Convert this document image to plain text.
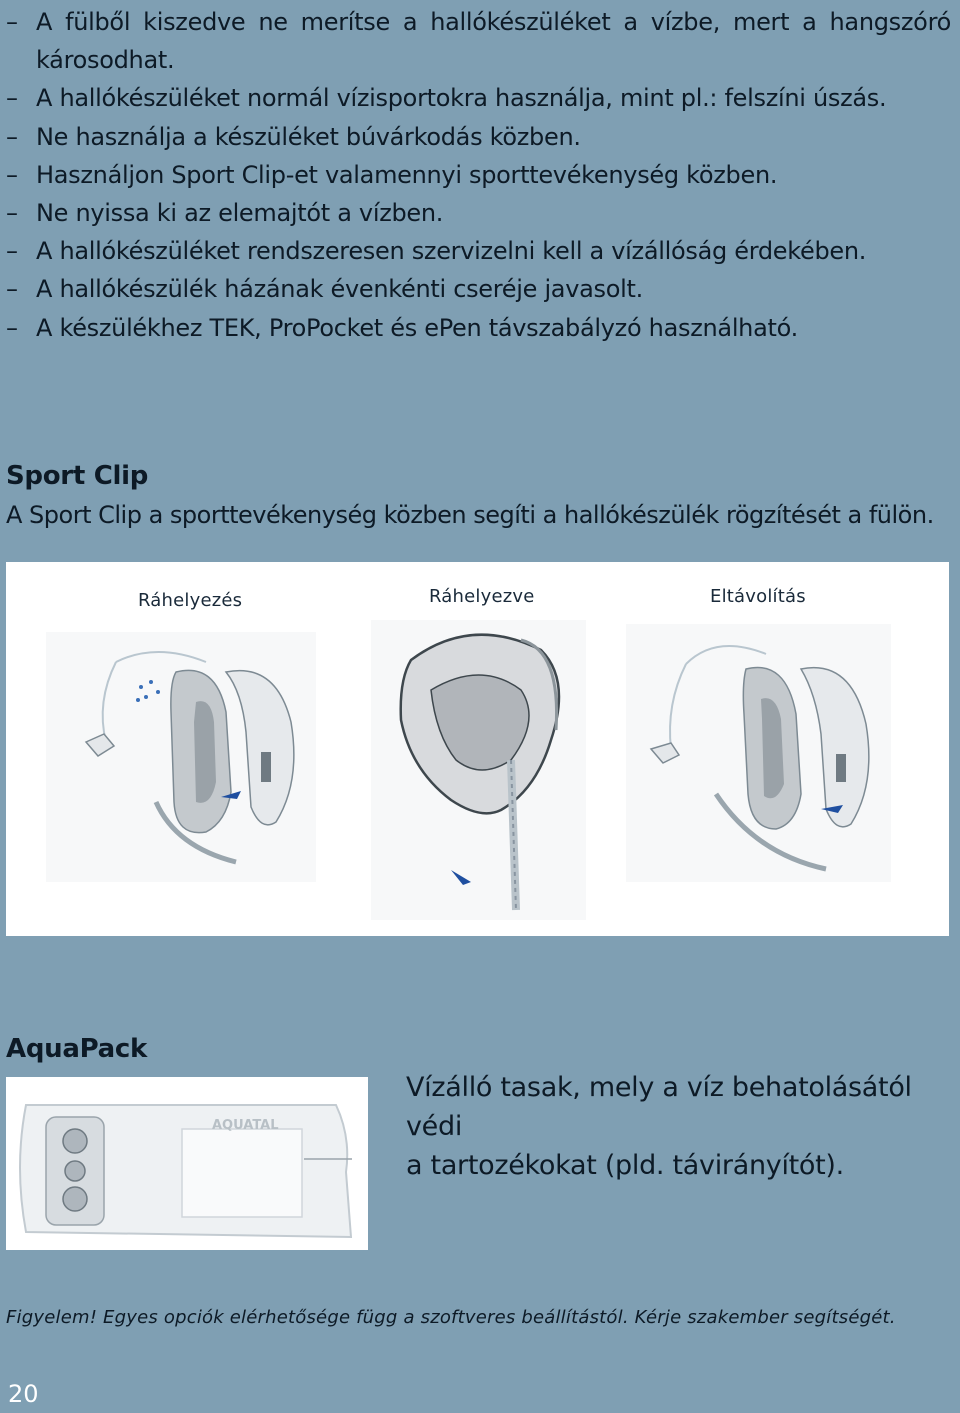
– A fülből kiszedve ne merítse a hallókészüléket a vízbe, mert a hangszóró károsodhat.
– A hallókészüléket normál vízisportokra használja, mint pl.: felszíni úszás.
– Ne használja a készüléket búvárkodás közben.
– Használjon Sport Clip-et valamennyi sporttevékenység közben.
– Ne nyissa ki az elemajtót a vízben.
– A hallókészüléket rendszeresen szervizelni kell a vízállóság érdekében.
– A hallókészülék házának évenkénti cseréje javasolt.
– A készülékhez TEK, ProPocket és ePen távszabályzó használható.
Sport Clip
A Sport Clip a sporttevékenység közben segíti a hallókészülék rögzítését a fülön.
Ráhelyezés	Ráhelyezve	Eltávolítás
AquaPack
AQUATAL
Vízálló tasak, mely a víz behatolásától védi
a tartozékokat (pld. távirányítót).
Figyelem! Egyes opciók elérhetősége függ a szoftveres beállítástól. Kérje szakember segítségét.
20
